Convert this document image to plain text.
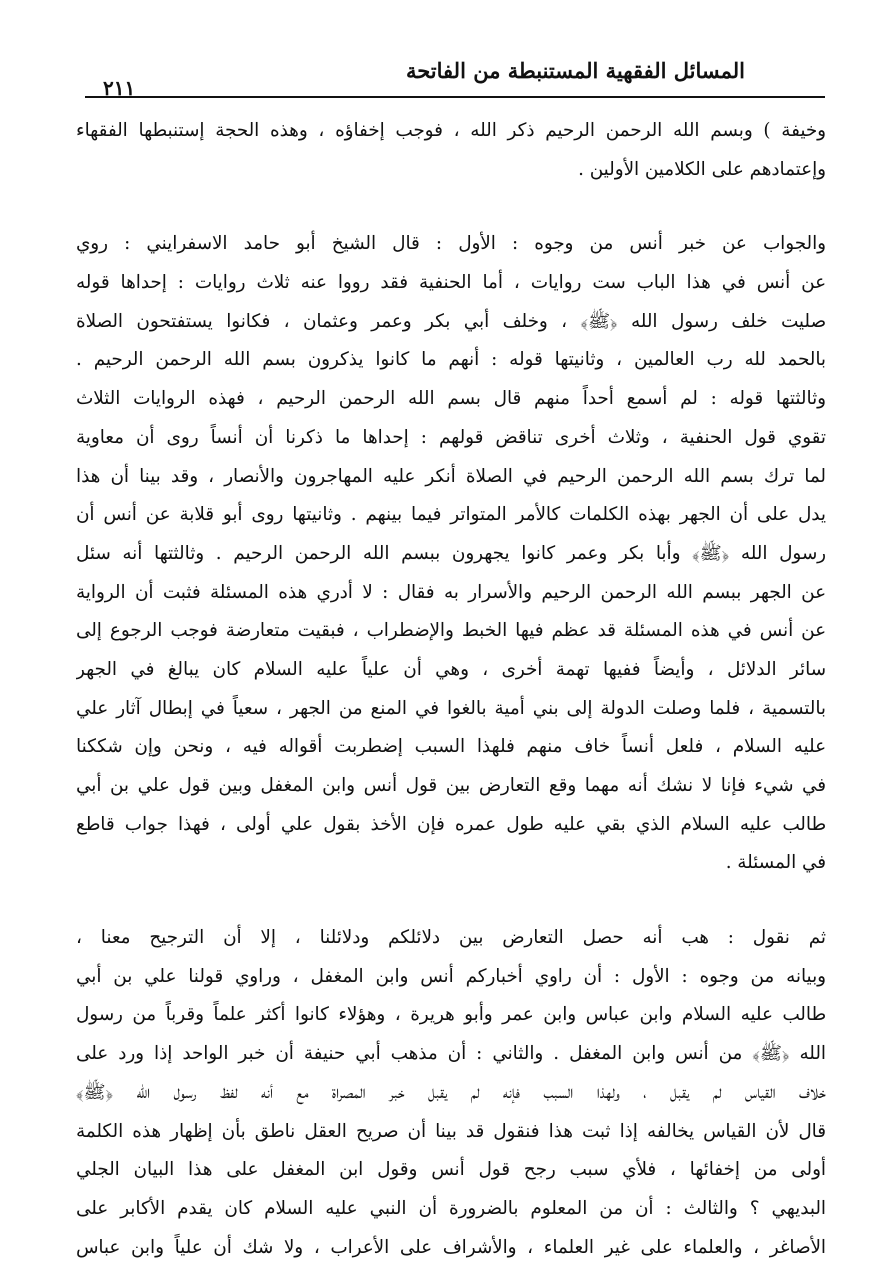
المسائل الفقهية المستنبطة من الفاتحة
٢١١
وخيفة ) وبسم الله الرحمن الرحيم ذكر الله ، فوجب إخفاؤه ، وهذه الحجة إستنبطها الفقهاء
وإعتمادهم على الكلامين الأولين .
والجواب عن خبر أنس من وجوه : الأول : قال الشيخ أبو حامد الاسفرايني : روي
عن أنس في هذا الباب ست روايات ، أما الحنفية فقد رووا عنه ثلاث روايات : إحداها قوله
صليت خلف رسول الله ﴿ﷺ﴾ ، وخلف أبي بكر وعمر وعثمان ، فكانوا يستفتحون الصلاة
بالحمد لله رب العالمين ، وثانيتها قوله : أنهم ما كانوا يذكرون بسم الله الرحمن الرحيم .
وثالثتها قوله : لم أسمع أحداً منهم قال بسم الله الرحمن الرحيم ، فهذه الروايات الثلاث
تقوي قول الحنفية ، وثلاث أخرى تناقض قولهم : إحداها ما ذكرنا أن أنساً روى أن معاوية
لما ترك بسم الله الرحمن الرحيم في الصلاة أنكر عليه المهاجرون والأنصار ، وقد بينا أن هذا
يدل على أن الجهر بهذه الكلمات كالأمر المتواتر فيما بينهم . وثانيتها روى أبو قلابة عن أنس أن
رسول الله ﴿ﷺ﴾ وأبا بكر وعمر كانوا يجهرون ببسم الله الرحمن الرحيم . وثالثتها أنه سئل
عن الجهر ببسم الله الرحمن الرحيم والأسرار به فقال : لا أدري هذه المسئلة فثبت أن الرواية
عن أنس في هذه المسئلة قد عظم فيها الخبط والإضطراب ، فبقيت متعارضة فوجب الرجوع إلى
سائر الدلائل ، وأيضاً ففيها تهمة أخرى ، وهي أن علياً عليه السلام كان يبالغ في الجهر
بالتسمية ، فلما وصلت الدولة إلى بني أمية بالغوا في المنع من الجهر ، سعياً في إبطال آثار علي
عليه السلام ، فلعل أنساً خاف منهم فلهذا السبب إضطربت أقواله فيه ، ونحن وإن شككنا
في شيء فإنا لا نشك أنه مهما وقع التعارض بين قول أنس وابن المغفل وبين قول علي بن أبي
طالب عليه السلام الذي بقي عليه طول عمره فإن الأخذ بقول علي أولى ، فهذا جواب قاطع
في المسئلة .
ثم نقول : هب أنه حصل التعارض بين دلائلكم ودلائلنا ، إلا أن الترجيح معنا ،
وبيانه من وجوه : الأول : أن راوي أخباركم أنس وابن المغفل ، وراوي قولنا علي بن أبي
طالب عليه السلام وابن عباس وابن عمر وأبو هريرة ، وهؤلاء كانوا أكثر علماً وقرباً من رسول
الله ﴿ﷺ﴾ من أنس وابن المغفل . والثاني : أن مذهب أبي حنيفة أن خبر الواحد إذا ورد على
خلاف القياس لم يقبل ، ولهذا السبب فإنه لم يقبل خبر المصراة مع أنه لفظ رسول الله ﴿ﷺ﴾
قال لأن القياس يخالفه إذا ثبت هذا فنقول قد بينا أن صريح العقل ناطق بأن إظهار هذه الكلمة
أولى من إخفائها ، فلأي سبب رجح قول أنس وقول ابن المغفل على هذا البيان الجلي
البديهي ؟ والثالث : أن من المعلوم بالضرورة أن النبي عليه السلام كان يقدم الأكابر على
الأصاغر ، والعلماء على غير العلماء ، والأشراف على الأعراب ، ولا شك أن علياً وابن عباس
